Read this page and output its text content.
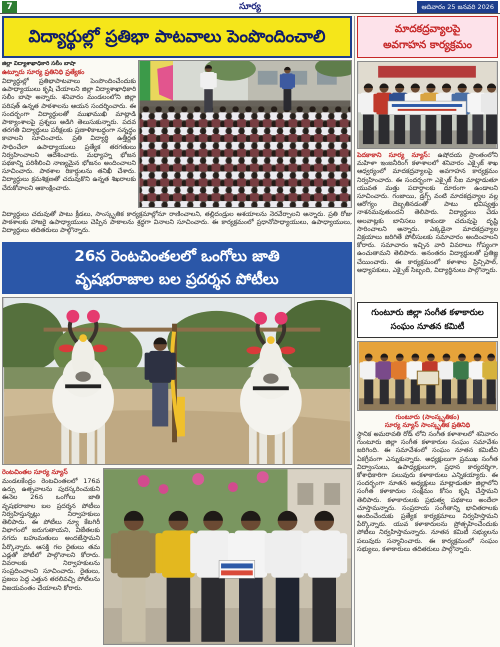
7	సూర్య	ఆదివారం 25 జనవరి 2026
విద్యార్థుల్లో ప్రతిభా పాటవాలు పెంపొందించాలి
జిల్లా విద్యాశాఖాధికారి సలీం బాషా
ఉట్నూరు సూర్య ప్రతినిధి ప్రత్యేకం
విద్యార్థుల్లో ప్రతిభాపాటవాలు పెంపొందించేందుకు ఉపాధ్యాయులు కృషి చేయాలని జిల్లా విద్యాశాఖాధికారి సలీం బాషా అన్నారు. శనివారం మండలంలోని జిల్లా పరిషత్ ఉన్నత పాఠశాలను ఆయన సందర్శించారు. ఈ సందర్భంగా విద్యార్థులతో ముఖాముఖి మాట్లాడి పాఠ్యాంశాలపై ప్రశ్నలు అడిగి తెలుసుకున్నారు. పదవ తరగతి విద్యార్థులు పరీక్షలకు ప్రణాళికాబద్ధంగా సన్నద్ధం కావాలని సూచించారు. ప్రతి విద్యార్థి ఉత్తీర్ణత సాధించేలా ఉపాధ్యాయులు ప్రత్యేక తరగతులు నిర్వహించాలని ఆదేశించారు. మధ్యాహ్న భోజన పథకాన్ని పరిశీలించి నాణ్యమైన భోజనం అందించాలని సూచించారు. పాఠశాల రికార్డులను తనిఖీ చేశారు. విద్యార్థులు క్రమశిక్షణతో చదువుకొని ఉన్నత శిఖరాలకు చేరుకోవాలని ఆకాంక్షించారు.
విద్యార్థులు చదువుతో పాటు క్రీడలు, సాంస్కృతిక కార్యక్రమాల్లోనూ రాణించాలని, తల్లిదండ్రుల ఆశయాలను నెరవేర్చాలని అన్నారు. ప్రతి రోజు పాఠశాలకు హాజరై ఉపాధ్యాయులు చెప్పిన పాఠాలను శ్రద్ధగా వినాలని సూచించారు. ఈ కార్యక్రమంలో ప్రధానోపాధ్యాయులు, ఉపాధ్యాయులు, విద్యార్థులు తదితరులు పాల్గొన్నారు.
26న రెంటచింతలలో ఒంగోలు జాతి
వృషభరాజాల బల ప్రదర్శన పోటీలు
రెంటచింతల సూర్య న్యూస్
మండలకేంద్రం రెంటచింతలలో 176వ ఉర్సు ఉత్సవాలను పురస్కరించుకుని ఈనెల 26న ఒంగోలు జాతి వృషభరాజాల బల ప్రదర్శన పోటీలు నిర్వహిస్తున్నట్లు నిర్వాహకులు తెలిపారు. ఈ పోటీలు న్యూ కేటగిరీ విభాగంలో జరుగుతాయని, విజేతలకు నగదు బహుమతులు అందజేస్తామని పేర్కొన్నారు. ఆసక్తి గల రైతులు తమ ఎడ్లతో పోటీలో పాల్గొనాలని కోరారు. వివరాలకు నిర్వాహకులను సంప్రదించాలని సూచించారు. రైతులు, ప్రజలు పెద్ద ఎత్తున తరలివచ్చి పోటీలను విజయవంతం చేయాలని కోరారు.
మాదకద్రవ్యాలపై
అవగాహన కార్యక్రమం
పెదకాకాని సూర్య న్యూస్: ఉషోదయ ప్రాంతంలోని మహిళా ఇంజనీరింగ్ కళాశాలలో శనివారం ఎక్సైజ్ శాఖ ఆధ్వర్యంలో మాదకద్రవ్యాలపై అవగాహన కార్యక్రమం నిర్వహించారు. ఈ సందర్భంగా ఎక్సైజ్ సీఐ మాట్లాడుతూ యువత మత్తు పదార్థాలకు దూరంగా ఉండాలని సూచించారు. గంజాయి, డ్రగ్స్ వంటి మాదకద్రవ్యాల వల్ల ఆరోగ్యం దెబ్బతినడంతో పాటు భవిష్యత్తు నాశనమవుతుందని తెలిపారు. విద్యార్థులు చెడు అలవాట్లకు బానిసలు కాకుండా చదువుపై దృష్టి సారించాలని అన్నారు. ఎక్కడైనా మాదకద్రవ్యాల విక్రయాలు జరిగితే పోలీసులకు సమాచారం అందించాలని కోరారు. సమాచారం ఇచ్చిన వారి వివరాలు గోప్యంగా ఉంచుతామని తెలిపారు. అనంతరం విద్యార్థులతో ప్రతిజ్ఞ చేయించారు. ఈ కార్యక్రమంలో కళాశాల ప్రిన్సిపాల్, అధ్యాపకులు, ఎక్సైజ్ సిబ్బంది, విద్యార్థినులు పాల్గొన్నారు.
గుంటూరు జిల్లా సంగీత కళాకారుల
సంఘం నూతన కమిటీ
గుంటూరు (సాంస్కృతికం)
సూర్య న్యూస్ సాంస్కృతిక ప్రతినిధి
స్థానిక అమరావతి రోడ్ లోని సంగీత కళాశాలలో శనివారం గుంటూరు జిల్లా సంగీత కళాకారుల సంఘం సమావేశం జరిగింది. ఈ సమావేశంలో సంఘం నూతన కమిటీని ఏకగ్రీవంగా ఎన్నుకున్నారు. అధ్యక్షులుగా ప్రముఖ సంగీత విద్వాంసులు, ఉపాధ్యక్షులుగా, ప్రధాన కార్యదర్శిగా, కోశాధికారిగా పలువురు కళాకారులు ఎన్నికయ్యారు. ఈ సందర్భంగా నూతన అధ్యక్షులు మాట్లాడుతూ జిల్లాలోని సంగీత కళాకారుల సంక్షేమం కోసం కృషి చేస్తామని తెలిపారు. కళాకారులకు ప్రభుత్వ పథకాలు అందేలా చూస్తామన్నారు. సంప్రదాయ సంగీతాన్ని భావితరాలకు అందించేందుకు ప్రత్యేక కార్యక్రమాలు నిర్వహిస్తామని పేర్కొన్నారు. యువ కళాకారులను ప్రోత్సహించేందుకు పోటీలు నిర్వహిస్తామన్నారు. నూతన కమిటీ సభ్యులను పలువురు సన్మానించారు. ఈ కార్యక్రమంలో సంఘం సభ్యులు, కళాకారులు తదితరులు పాల్గొన్నారు.
